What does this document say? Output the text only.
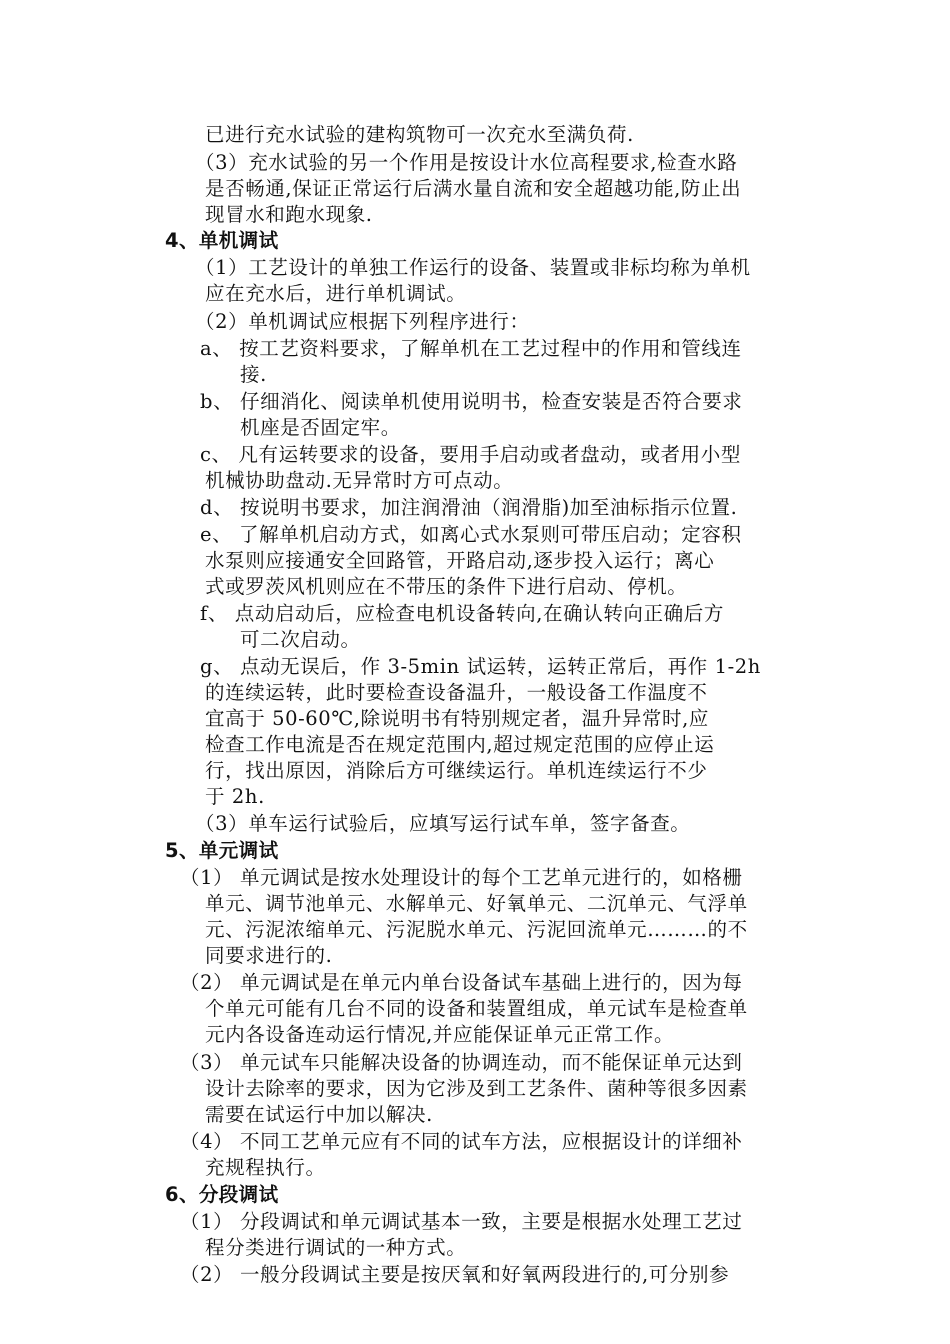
已进行充水试验的建构筑物可一次充水至满负荷.
（3）充水试验的另一个作用是按设计水位高程要求,检查水路
是否畅通,保证正常运行后满水量自流和安全超越功能,防止出
现冒水和跑水现象.
4、单机调试
（1）工艺设计的单独工作运行的设备、装置或非标均称为单机
应在充水后，进行单机调试。
（2）单机调试应根据下列程序进行：
a、 按工艺资料要求，了解单机在工艺过程中的作用和管线连
接.
b、 仔细消化、阅读单机使用说明书，检查安装是否符合要求
机座是否固定牢。
c、 凡有运转要求的设备，要用手启动或者盘动，或者用小型
机械协助盘动.无异常时方可点动。
d、 按说明书要求，加注润滑油（润滑脂)加至油标指示位置.
e、 了解单机启动方式，如离心式水泵则可带压启动；定容积
水泵则应接通安全回路管，开路启动,逐步投入运行；离心
式或罗茨风机则应在不带压的条件下进行启动、停机。
f、 点动启动后，应检查电机设备转向,在确认转向正确后方
可二次启动。
g、 点动无误后，作 3-5min 试运转，运转正常后，再作 1-2h
的连续运转，此时要检查设备温升，一般设备工作温度不
宜高于 50-60℃,除说明书有特别规定者，温升异常时,应
检查工作电流是否在规定范围内,超过规定范围的应停止运
行，找出原因，消除后方可继续运行。单机连续运行不少
于 2h.
（3）单车运行试验后，应填写运行试车单，签字备查。
5、单元调试
（1） 单元调试是按水处理设计的每个工艺单元进行的，如格栅
单元、调节池单元、水解单元、好氧单元、二沉单元、气浮单
元、污泥浓缩单元、污泥脱水单元、污泥回流单元………的不
同要求进行的.
（2） 单元调试是在单元内单台设备试车基础上进行的，因为每
个单元可能有几台不同的设备和装置组成，单元试车是检查单
元内各设备连动运行情况,并应能保证单元正常工作。
（3） 单元试车只能解决设备的协调连动，而不能保证单元达到
设计去除率的要求，因为它涉及到工艺条件、菌种等很多因素
需要在试运行中加以解决.
（4） 不同工艺单元应有不同的试车方法，应根据设计的详细补
充规程执行。
6、分段调试
（1） 分段调试和单元调试基本一致，主要是根据水处理工艺过
程分类进行调试的一种方式。
（2） 一般分段调试主要是按厌氧和好氧两段进行的,可分别参
